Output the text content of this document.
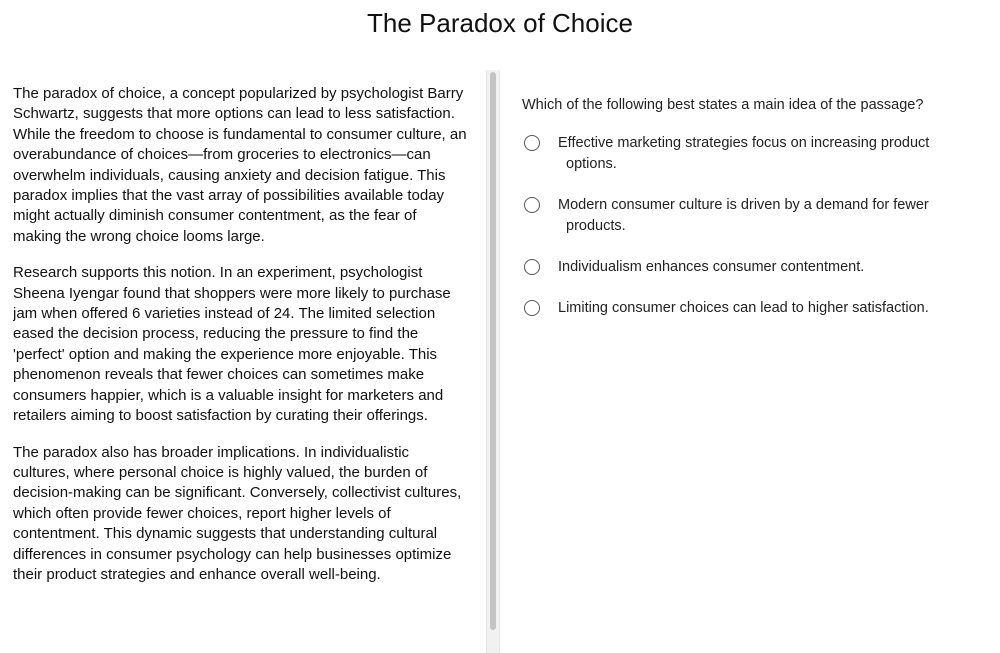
The Paradox of Choice

The paradox of choice, a concept popularized by psychologist Barry Schwartz, suggests that more options can lead to less satisfaction. While the freedom to choose is fundamental to consumer culture, an overabundance of choices—from groceries to electronics—can overwhelm individuals, causing anxiety and decision fatigue. This paradox implies that the vast array of possibilities available today might actually diminish consumer contentment, as the fear of making the wrong choice looms large.

Research supports this notion. In an experiment, psychologist Sheena Iyengar found that shoppers were more likely to purchase jam when offered 6 varieties instead of 24. The limited selection eased the decision process, reducing the pressure to find the 'perfect' option and making the experience more enjoyable. This phenomenon reveals that fewer choices can sometimes make consumers happier, which is a valuable insight for marketers and retailers aiming to boost satisfaction by curating their offerings.

The paradox also has broader implications. In individualistic cultures, where personal choice is highly valued, the burden of decision-making can be significant. Conversely, collectivist cultures, which often provide fewer choices, report higher levels of contentment. This dynamic suggests that understanding cultural differences in consumer psychology can help businesses optimize their product strategies and enhance overall well-being.

Which of the following best states a main idea of the passage?
Effective marketing strategies focus on increasing product
options.
Modern consumer culture is driven by a demand for fewer
products.
Individualism enhances consumer contentment.
Limiting consumer choices can lead to higher satisfaction.
